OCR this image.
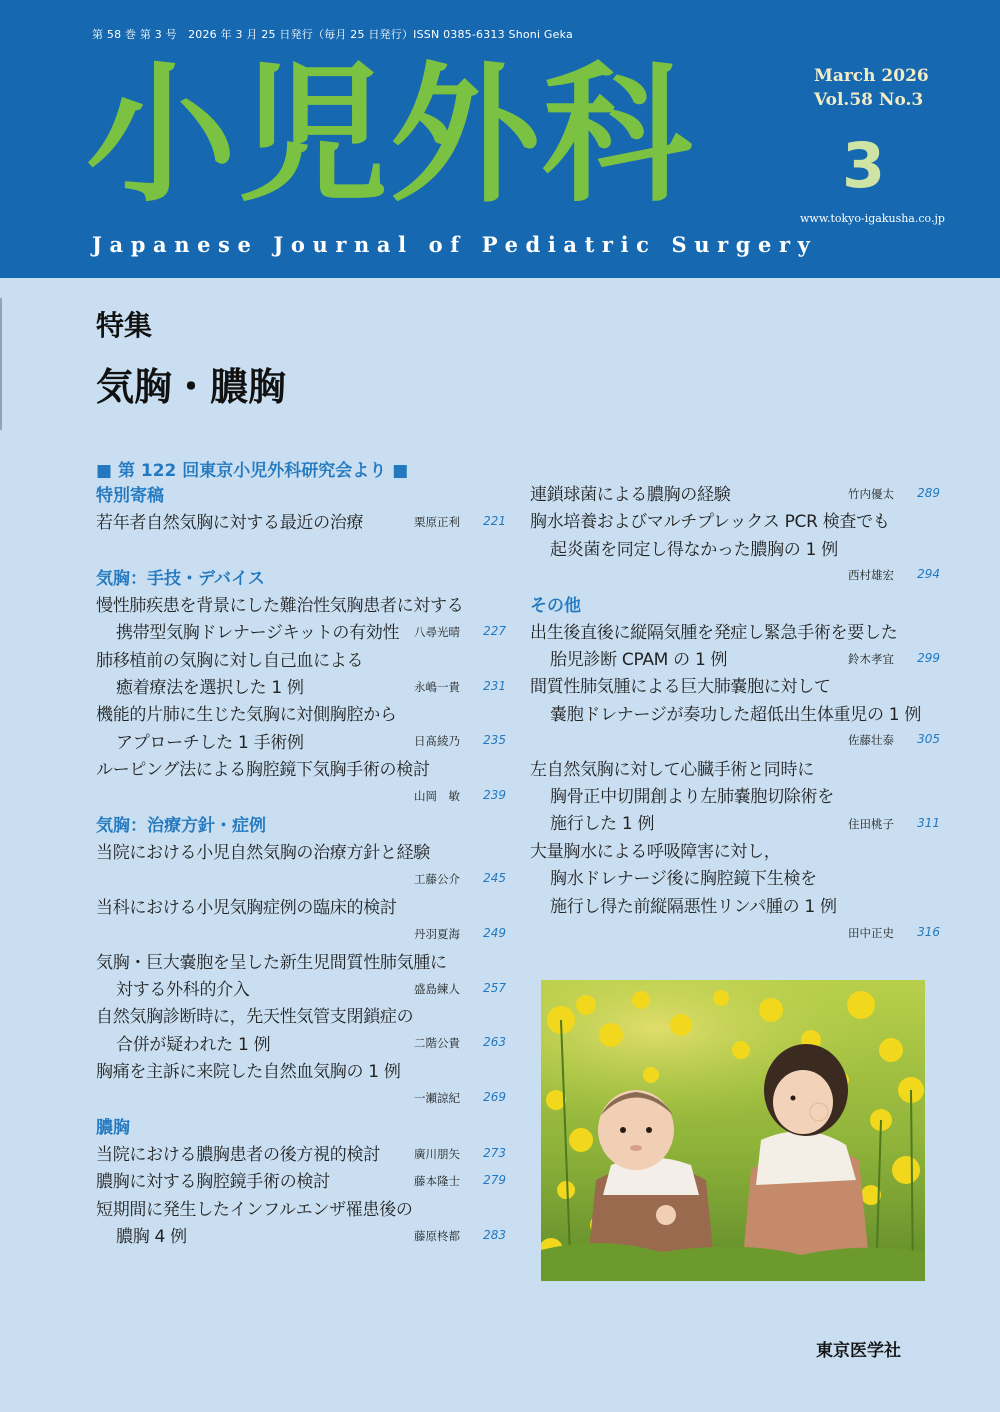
第 58 巻 第 3 号　2026 年 3 月 25 日発行（毎月 25 日発行）ISSN 0385-6313 Shoni Geka
小児外科
Japanese Journal of Pediatric Surgery
March 2026
Vol.58 No.3
3
www.tokyo-igakusha.co.jp
特集
気胸・膿胸
■ 第 122 回東京小児外科研究会より ■
特別寄稿
若年者自然気胸に対する最近の治療	栗原正利 221
気胸：手技・デバイス
慢性肺疾患を背景にした難治性気胸患者に対する
携帯型気胸ドレナージキットの有効性	八尋光晴 227
肺移植前の気胸に対し自己血による
癒着療法を選択した 1 例	永嶋一貴 231
機能的片肺に生じた気胸に対側胸腔から
アプローチした 1 手術例	日髙綾乃 235
ルーピング法による胸腔鏡下気胸手術の検討
山岡　敏 239
気胸：治療方針・症例
当院における小児自然気胸の治療方針と経験
工藤公介 245
当科における小児気胸症例の臨床的検討
丹羽夏海 249
気胸・巨大嚢胞を呈した新生児間質性肺気腫に
対する外科的介入	盛島練人 257
自然気胸診断時に，先天性気管支閉鎖症の
合併が疑われた 1 例	二階公貴 263
胸痛を主訴に来院した自然血気胸の 1 例
一瀬諒紀 269
膿胸
当院における膿胸患者の後方視的検討	廣川朋矢 273
膿胸に対する胸腔鏡手術の検討	藤本隆士 279
短期間に発生したインフルエンザ罹患後の
膿胸 4 例	藤原柊都 283
連鎖球菌による膿胸の経験	竹内優太 289
胸水培養およびマルチプレックス PCR 検査でも
起炎菌を同定し得なかった膿胸の 1 例
西村雄宏 294
その他
出生後直後に縦隔気腫を発症し緊急手術を要した
胎児診断 CPAM の 1 例	鈴木孝宜 299
間質性肺気腫による巨大肺嚢胞に対して
嚢胞ドレナージが奏功した超低出生体重児の 1 例
佐藤壮泰 305
左自然気胸に対して心臓手術と同時に
胸骨正中切開創より左肺嚢胞切除術を
施行した 1 例	住田桃子 311
大量胸水による呼吸障害に対し，
胸水ドレナージ後に胸腔鏡下生検を
施行し得た前縦隔悪性リンパ腫の 1 例
田中正史 316
東京医学社
